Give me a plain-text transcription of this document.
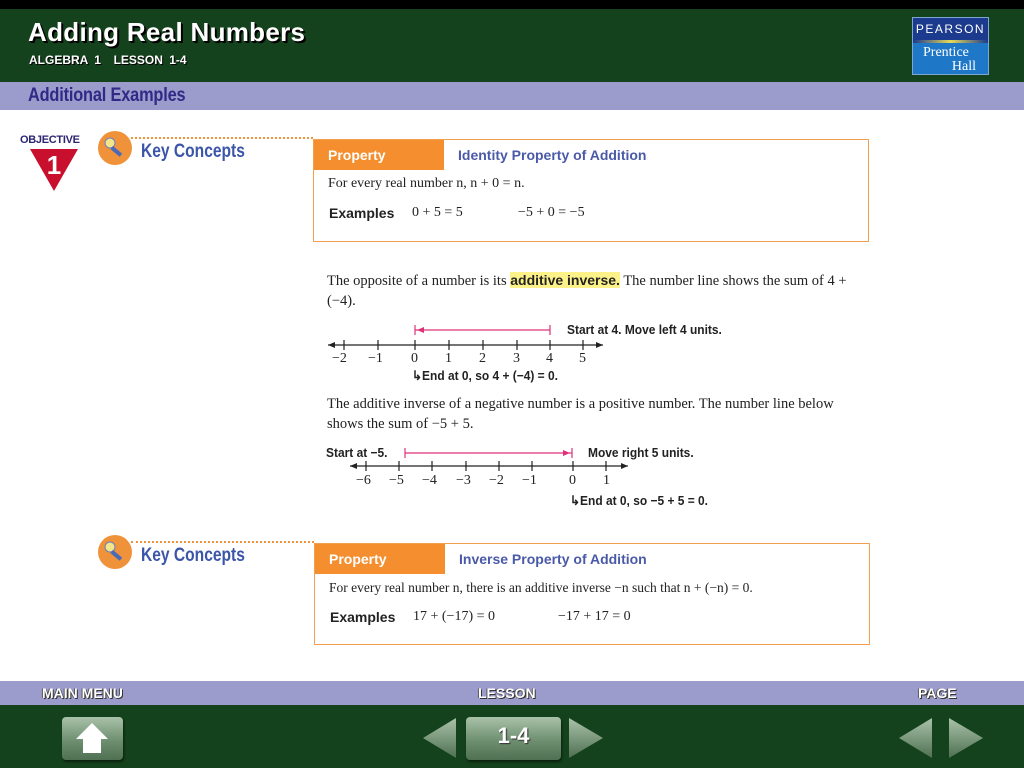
Adding Real Numbers
ALGEBRA 1  LESSON 1-4
PEARSON
Prentice
Hall
Additional Examples
OBJECTIVE
1	Key Concepts	Property	Identity Property of Addition
For every real number n, n + 0 = n.
Examples 0 + 5 = 5	−5 + 0 = −5
The opposite of a number is its additive inverse. The number line shows the sum of 4 + (−4).
−2 −1 0 1 2 3 4 5
Start at 4. Move left 4 units.
↳End at 0, so 4 + (−4) = 0.
The additive inverse of a negative number is a positive number. The number line below shows the sum of −5 + 5.
−6 −5 −4 −3 −2 −1 0 1
Start at −5.	Move right 5 units.
↳End at 0, so −5 + 5 = 0.
Key Concepts	Property	Inverse Property of Addition
For every real number n, there is an additive inverse −n such that n + (−n) = 0.
Examples 17 + (−17) = 0	−17 + 17 = 0
MAIN MENU	LESSON	PAGE
1-4
